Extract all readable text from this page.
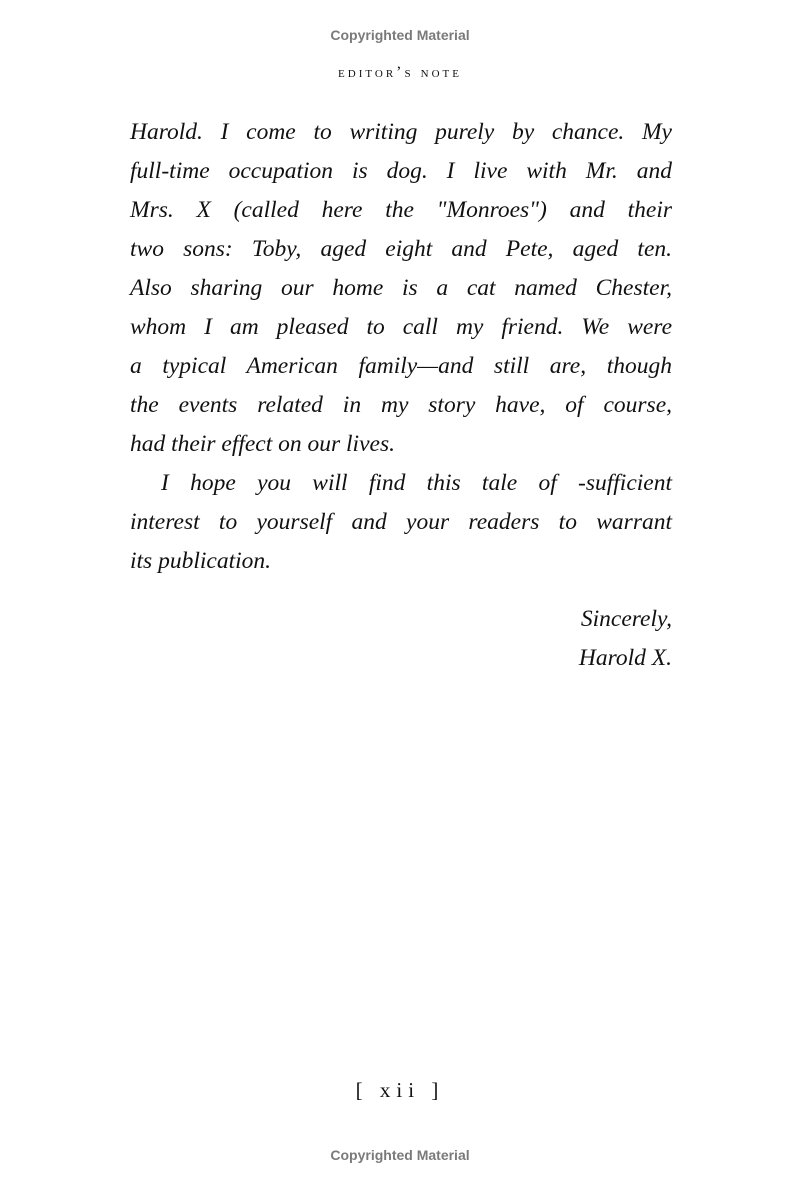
Copyrighted Material
editor’s note

Harold. I come to writing purely by chance. My
full-time occupation is dog. I live with Mr. and
Mrs. X (called here the "Monroes") and their
two sons: Toby, aged eight and Pete, aged ten.
Also sharing our home is a cat named Chester,
whom I am pleased to call my friend. We were
a typical American family—and still are, though
the events related in my story have, of course,
had their effect on our lives.

I hope you will find this tale of -sufficient
interest to yourself and your readers to warrant
its publication.

Sincerely,
Harold X.
[ xii ]
Copyrighted Material
